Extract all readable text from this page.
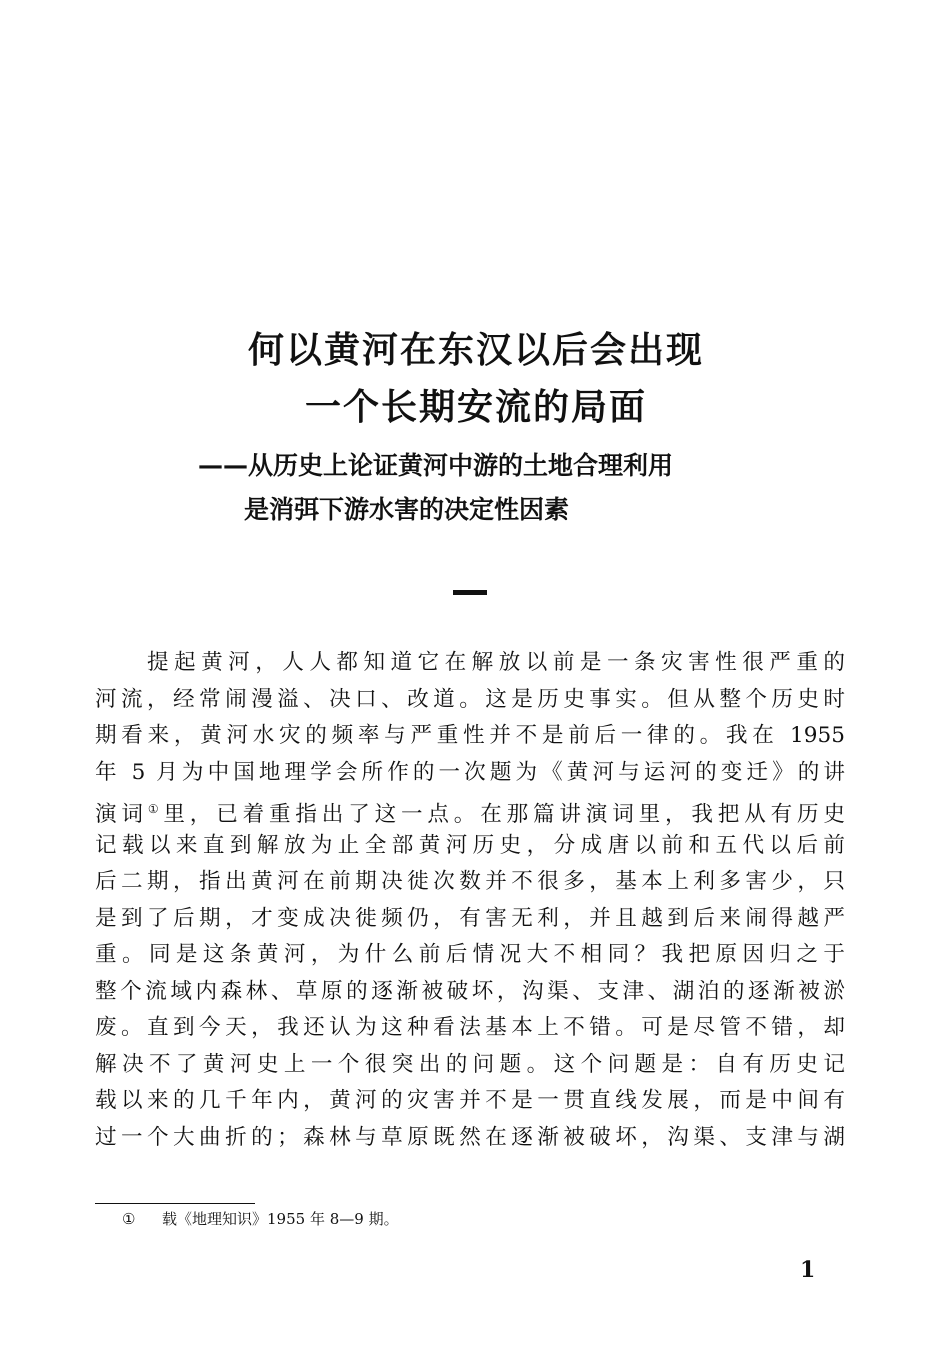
何以黄河在东汉以后会出现
一个长期安流的局面
——从历史上论证黄河中游的土地合理利用
是消弭下游水害的决定性因素
提起黄河，人人都知道它在解放以前是一条灾害性很严重的
河流，经常闹漫溢、决口、改道。这是历史事实。但从整个历史时
期看来，黄河水灾的频率与严重性并不是前后一律的。我在 1955
年 5 月为中国地理学会所作的一次题为《黄河与运河的变迁》的讲
演词①里，已着重指出了这一点。在那篇讲演词里，我把从有历史
记载以来直到解放为止全部黄河历史，分成唐以前和五代以后前
后二期，指出黄河在前期决徙次数并不很多，基本上利多害少，只
是到了后期，才变成决徙频仍，有害无利，并且越到后来闹得越严
重。同是这条黄河，为什么前后情况大不相同？我把原因归之于
整个流域内森林、草原的逐渐被破坏，沟渠、支津、湖泊的逐渐被淤
废。直到今天，我还认为这种看法基本上不错。可是尽管不错，却
解决不了黄河史上一个很突出的问题。这个问题是：自有历史记
载以来的几千年内，黄河的灾害并不是一贯直线发展，而是中间有
过一个大曲折的；森林与草原既然在逐渐被破坏，沟渠、支津与湖
① 载《地理知识》1955 年 8—9 期。
1
